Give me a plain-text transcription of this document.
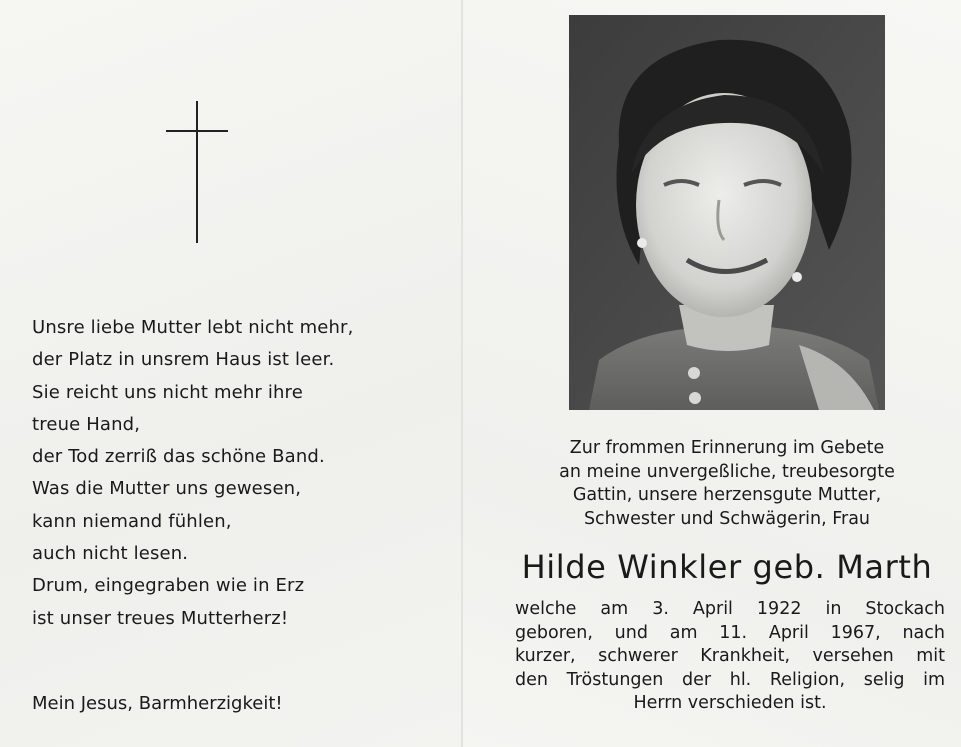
Unsre liebe Mutter lebt nicht mehr,
der Platz in unsrem Haus ist leer.
Sie reicht uns nicht mehr ihre
treue Hand,
der Tod zerriß das schöne Band.
Was die Mutter uns gewesen,
kann niemand fühlen,
auch nicht lesen.
Drum, eingegraben wie in Erz
ist unser treues Mutterherz!
Mein Jesus, Barmherzigkeit!
Zur frommen Erinnerung im Gebete
an meine unvergeßliche, treubesorgte
Gattin, unsere herzensgute Mutter,
Schwester und Schwägerin, Frau
Hilde Winkler geb. Marth
welche am 3. April 1922 in Stockach
geboren, und am 11. April 1967, nach
kurzer, schwerer Krankheit, versehen mit
den Tröstungen der hl. Religion, selig im
Herrn verschieden ist.
